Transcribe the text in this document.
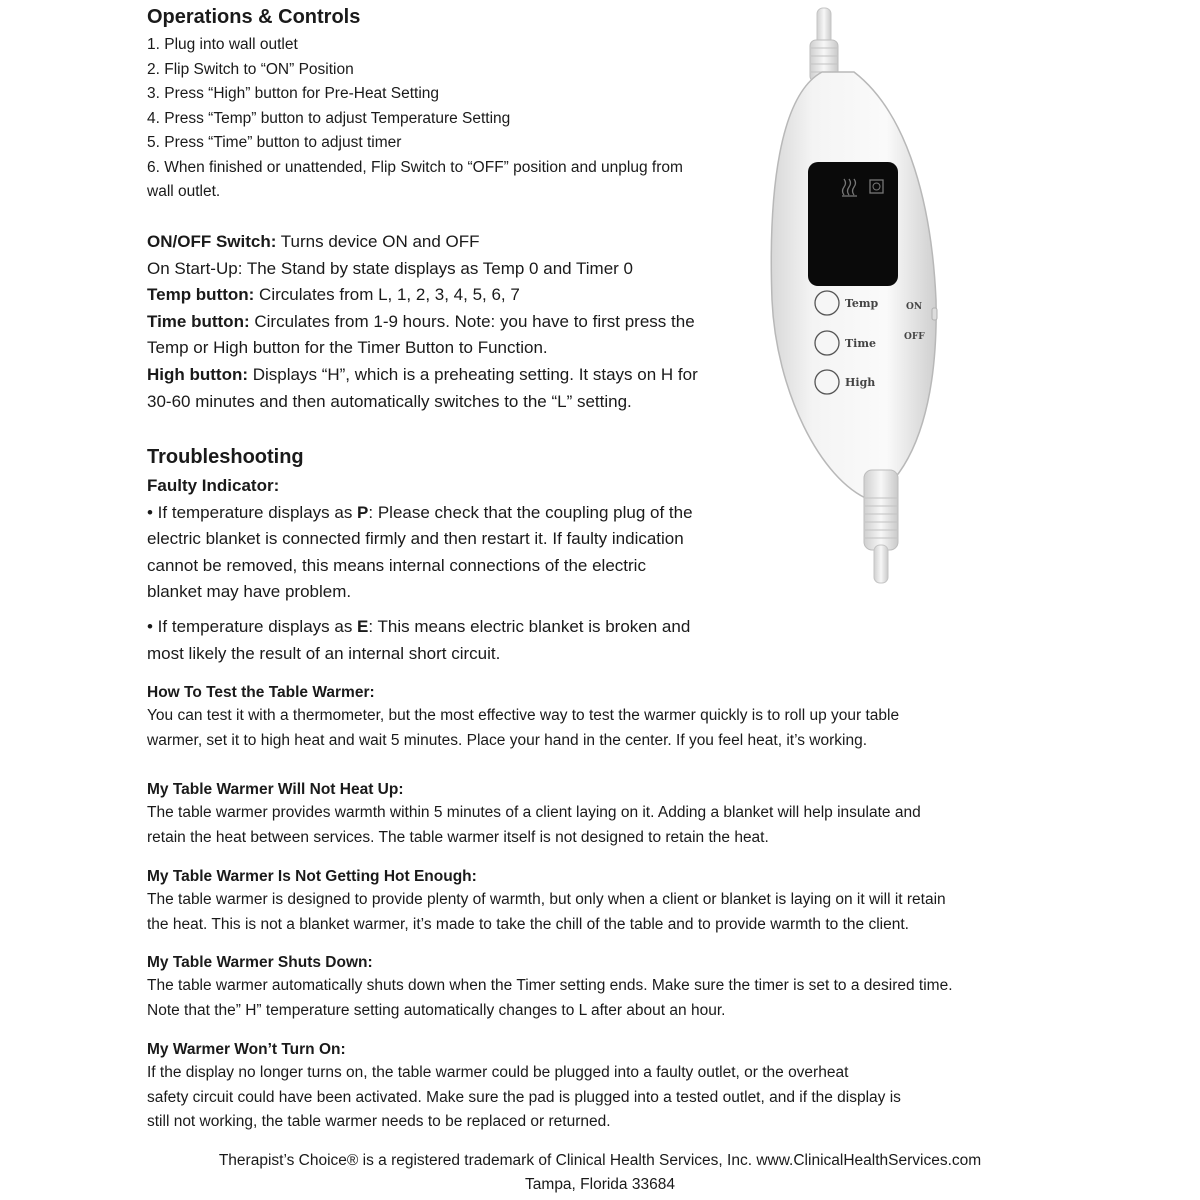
Operations & Controls
1. Plug into wall outlet
2. Flip Switch to “ON” Position
3. Press “High” button for Pre-Heat Setting
4. Press “Temp” button to adjust Temperature Setting
5. Press “Time” button to adjust timer
6. When finished or unattended, Flip Switch to “OFF” position and unplug from
wall outlet.
ON/OFF Switch: Turns device ON and OFF
On Start-Up: The Stand by state displays as Temp 0 and Timer 0
Temp button: Circulates from L, 1, 2, 3, 4, 5, 6, 7
Time button: Circulates from 1-9 hours. Note: you have to first press the
Temp or High button for the Timer Button to Function.
High button: Displays “H”, which is a preheating setting. It stays on H for
30-60 minutes and then automatically switches to the “L” setting.
Troubleshooting
Faulty Indicator:
• If temperature displays as P: Please check that the coupling plug of the
electric blanket is connected firmly and then restart it. If faulty indication
cannot be removed, this means internal connections of the electric
blanket may have problem.
• If temperature displays as E: This means electric blanket is broken and
most likely the result of an internal short circuit.
How To Test the Table Warmer:
You can test it with a thermometer, but the most effective way to test the warmer quickly is to roll up your table
warmer, set it to high heat and wait 5 minutes. Place your hand in the center. If you feel heat, it’s working.
My Table Warmer Will Not Heat Up:
The table warmer provides warmth within 5 minutes of a client laying on it. Adding a blanket will help insulate and
retain the heat between services. The table warmer itself is not designed to retain the heat.
My Table Warmer Is Not Getting Hot Enough:
The table warmer is designed to provide plenty of warmth, but only when a client or blanket is laying on it will it retain
the heat. This is not a blanket warmer, it’s made to take the chill of the table and to provide warmth to the client.
My Table Warmer Shuts Down:
The table warmer automatically shuts down when the Timer setting ends. Make sure the timer is set to a desired time.
Note that the” H” temperature setting automatically changes to L after about an hour.
My Warmer Won’t Turn On:
If the display no longer turns on, the table warmer could be plugged into a faulty outlet, or the overheat
safety circuit could have been activated. Make sure the pad is plugged into a tested outlet, and if the display is
still not working, the table warmer needs to be replaced or returned.
Therapist’s Choice® is a registered trademark of Clinical Health Services, Inc. www.ClinicalHealthServices.com
Tampa, Florida 33684
Temp
Time
High
ON
OFF
